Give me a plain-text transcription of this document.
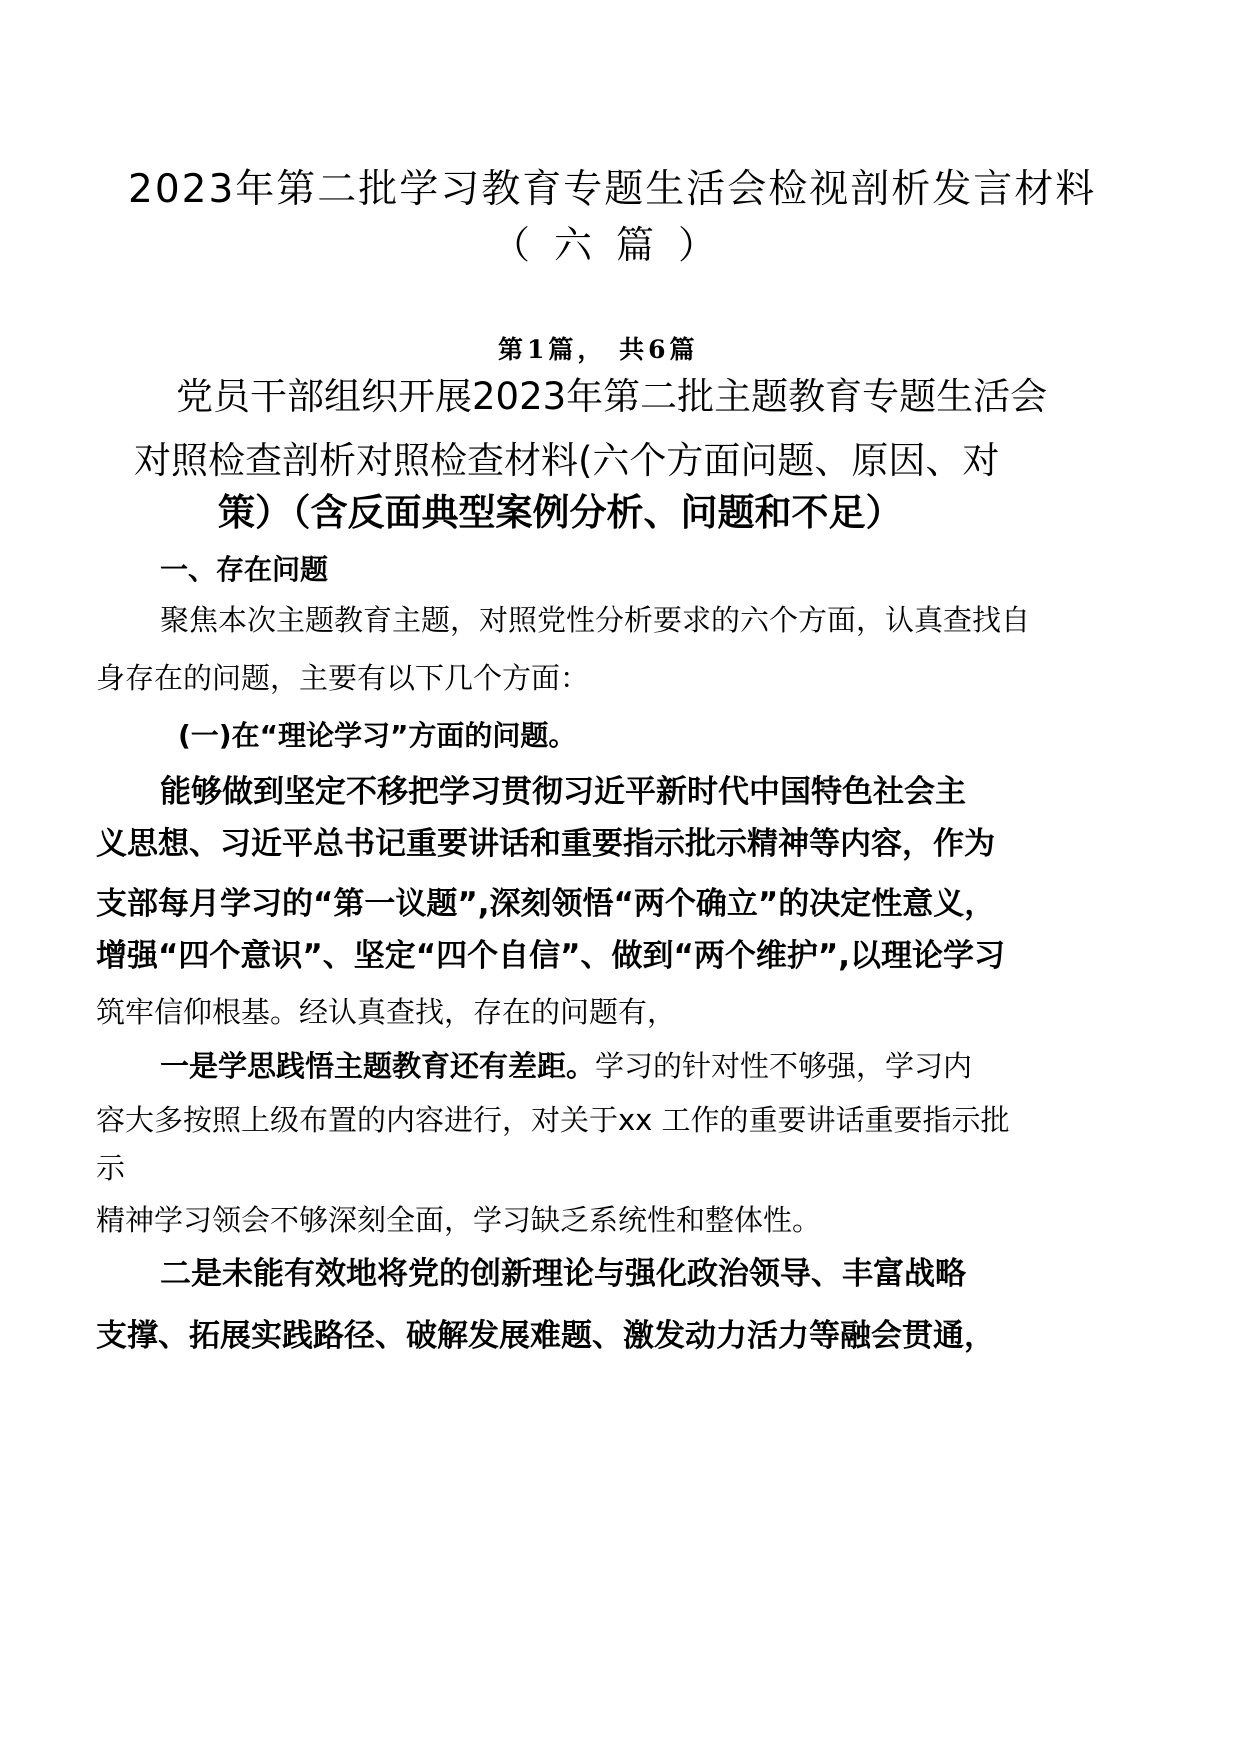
2023年第二批学习教育专题生活会检视剖析发言材料
（六篇）
第1篇， 共6篇
党员干部组织开展2023年第二批主题教育专题生活会
对照检查剖析对照检查材料(六个方面问题、原因、对
策）（含反面典型案例分析、问题和不足）
一、存在问题
聚焦本次主题教育主题，对照党性分析要求的六个方面，认真查找自
身存在的问题，主要有以下几个方面：
(一)在“理论学习”方面的问题。
能够做到坚定不移把学习贯彻习近平新时代中国特色社会主
义思想、习近平总书记重要讲话和重要指示批示精神等内容，作为
支部每月学习的“第一议题”,深刻领悟“两个确立”的决定性意义，
增强“四个意识”、坚定“四个自信”、做到“两个维护”,以理论学习
筑牢信仰根基。经认真查找，存在的问题有，
一是学思践悟主题教育还有差距。学习的针对性不够强，学习内
容大多按照上级布置的内容进行，对关于xx 工作的重要讲话重要指示批
示
精神学习领会不够深刻全面，学习缺乏系统性和整体性。
二是未能有效地将党的创新理论与强化政治领导、丰富战略
支撑、拓展实践路径、破解发展难题、激发动力活力等融会贯通，
